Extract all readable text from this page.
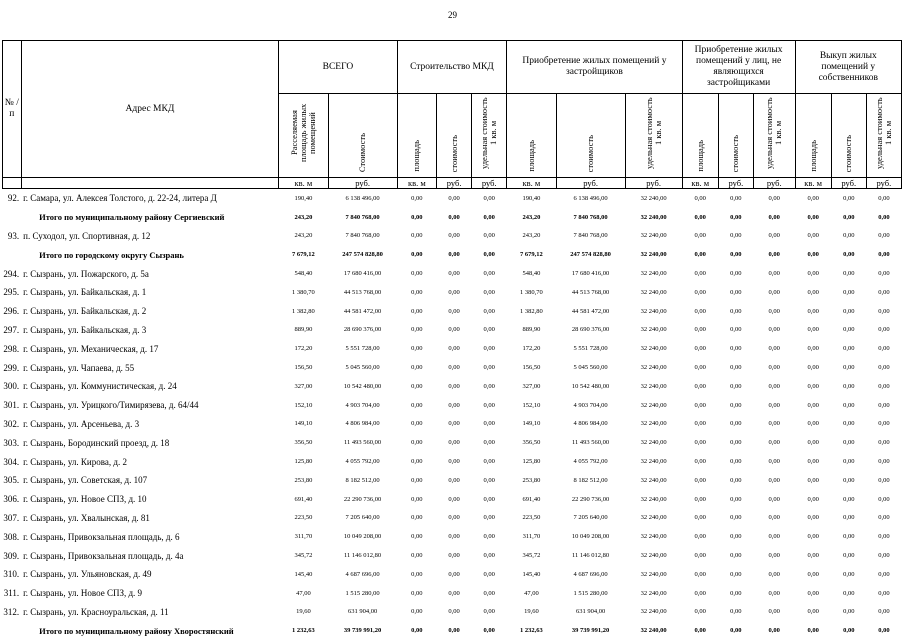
29
№ /п	Адрес МКД	ВСЕГО		Строительство МКД			Приобретение жилых помещений у застройщиков			Приобретение жилых помещений у лиц, не являющихся застройщиками			Выкуп жилых помещений у собственников		
		Расселяемая площадь жилых помещений	Стоимость	площадь	стоимость	удельная стоимость 1 кв. м	площадь	стоимость	удельная стоимость 1 кв. м	площадь	стоимость	удельная стоимость 1 кв. м	площадь	стоимость	удельная стоимость 1 кв. м
		кв. м	руб.	кв. м	руб.	руб.	кв. м	руб.	руб.	кв. м	руб.	руб.	кв. м	руб.	руб.
92.	г. Самара, ул. Алексея Толстого, д. 22-24, литера Д	190,40	6 138 496,00	0,00	0,00	0,00	190,40	6 138 496,00	32 240,00	0,00	0,00	0,00	0,00	0,00	0,00
	Итого по муниципальному району Сергиевский	243,20	7 840 768,00	0,00	0,00	0,00	243,20	7 840 768,00	32 240,00	0,00	0,00	0,00	0,00	0,00	0,00
93.	п. Суходол, ул. Спортивная, д. 12	243,20	7 840 768,00	0,00	0,00	0,00	243,20	7 840 768,00	32 240,00	0,00	0,00	0,00	0,00	0,00	0,00
	Итого по городскому округу Сызрань	7 679,12	247 574 828,80	0,00	0,00	0,00	7 679,12	247 574 828,80	32 240,00	0,00	0,00	0,00	0,00	0,00	0,00
294.	г. Сызрань, ул. Пожарского, д. 5а	548,40	17 680 416,00	0,00	0,00	0,00	548,40	17 680 416,00	32 240,00	0,00	0,00	0,00	0,00	0,00	0,00
295.	г. Сызрань, ул. Байкальская, д. 1	1 380,70	44 513 768,00	0,00	0,00	0,00	1 380,70	44 513 768,00	32 240,00	0,00	0,00	0,00	0,00	0,00	0,00
296.	г. Сызрань, ул. Байкальская, д. 2	1 382,80	44 581 472,00	0,00	0,00	0,00	1 382,80	44 581 472,00	32 240,00	0,00	0,00	0,00	0,00	0,00	0,00
297.	г. Сызрань, ул. Байкальская, д. 3	889,90	28 690 376,00	0,00	0,00	0,00	889,90	28 690 376,00	32 240,00	0,00	0,00	0,00	0,00	0,00	0,00
298.	г. Сызрань, ул. Механическая, д. 17	172,20	5 551 728,00	0,00	0,00	0,00	172,20	5 551 728,00	32 240,00	0,00	0,00	0,00	0,00	0,00	0,00
299.	г. Сызрань, ул. Чапаева, д. 55	156,50	5 045 560,00	0,00	0,00	0,00	156,50	5 045 560,00	32 240,00	0,00	0,00	0,00	0,00	0,00	0,00
300.	г. Сызрань, ул. Коммунистическая, д. 24	327,00	10 542 480,00	0,00	0,00	0,00	327,00	10 542 480,00	32 240,00	0,00	0,00	0,00	0,00	0,00	0,00
301.	г. Сызрань, ул. Урицкого/Тимирязева, д. 64/44	152,10	4 903 704,00	0,00	0,00	0,00	152,10	4 903 704,00	32 240,00	0,00	0,00	0,00	0,00	0,00	0,00
302.	г. Сызрань, ул. Арсеньева, д. 3	149,10	4 806 984,00	0,00	0,00	0,00	149,10	4 806 984,00	32 240,00	0,00	0,00	0,00	0,00	0,00	0,00
303.	г. Сызрань, Бородинский проезд, д. 18	356,50	11 493 560,00	0,00	0,00	0,00	356,50	11 493 560,00	32 240,00	0,00	0,00	0,00	0,00	0,00	0,00
304.	г. Сызрань, ул. Кирова, д. 2	125,80	4 055 792,00	0,00	0,00	0,00	125,80	4 055 792,00	32 240,00	0,00	0,00	0,00	0,00	0,00	0,00
305.	г. Сызрань, ул. Советская, д. 107	253,80	8 182 512,00	0,00	0,00	0,00	253,80	8 182 512,00	32 240,00	0,00	0,00	0,00	0,00	0,00	0,00
306.	г. Сызрань, ул. Новое СПЗ, д. 10	691,40	22 290 736,00	0,00	0,00	0,00	691,40	22 290 736,00	32 240,00	0,00	0,00	0,00	0,00	0,00	0,00
307.	г. Сызрань, ул. Хвалынская, д. 81	223,50	7 205 640,00	0,00	0,00	0,00	223,50	7 205 640,00	32 240,00	0,00	0,00	0,00	0,00	0,00	0,00
308.	г. Сызрань, Привокзальная площадь, д. 6	311,70	10 049 208,00	0,00	0,00	0,00	311,70	10 049 208,00	32 240,00	0,00	0,00	0,00	0,00	0,00	0,00
309.	г. Сызрань, Привокзальная площадь, д. 4а	345,72	11 146 012,80	0,00	0,00	0,00	345,72	11 146 012,80	32 240,00	0,00	0,00	0,00	0,00	0,00	0,00
310.	г. Сызрань, ул. Ульяновская, д. 49	145,40	4 687 696,00	0,00	0,00	0,00	145,40	4 687 696,00	32 240,00	0,00	0,00	0,00	0,00	0,00	0,00
311.	г. Сызрань, ул. Новое СПЗ, д. 9	47,00	1 515 280,00	0,00	0,00	0,00	47,00	1 515 280,00	32 240,00	0,00	0,00	0,00	0,00	0,00	0,00
312.	г. Сызрань, ул. Красноуральская, д. 11	19,60	631 904,00	0,00	0,00	0,00	19,60	631 904,00	32 240,00	0,00	0,00	0,00	0,00	0,00	0,00
	Итого по муниципальному району Хворостянский	1 232,63	39 739 991,20	0,00	0,00	0,00	1 232,63	39 739 991,20	32 240,00	0,00	0,00	0,00	0,00	0,00	0,00
